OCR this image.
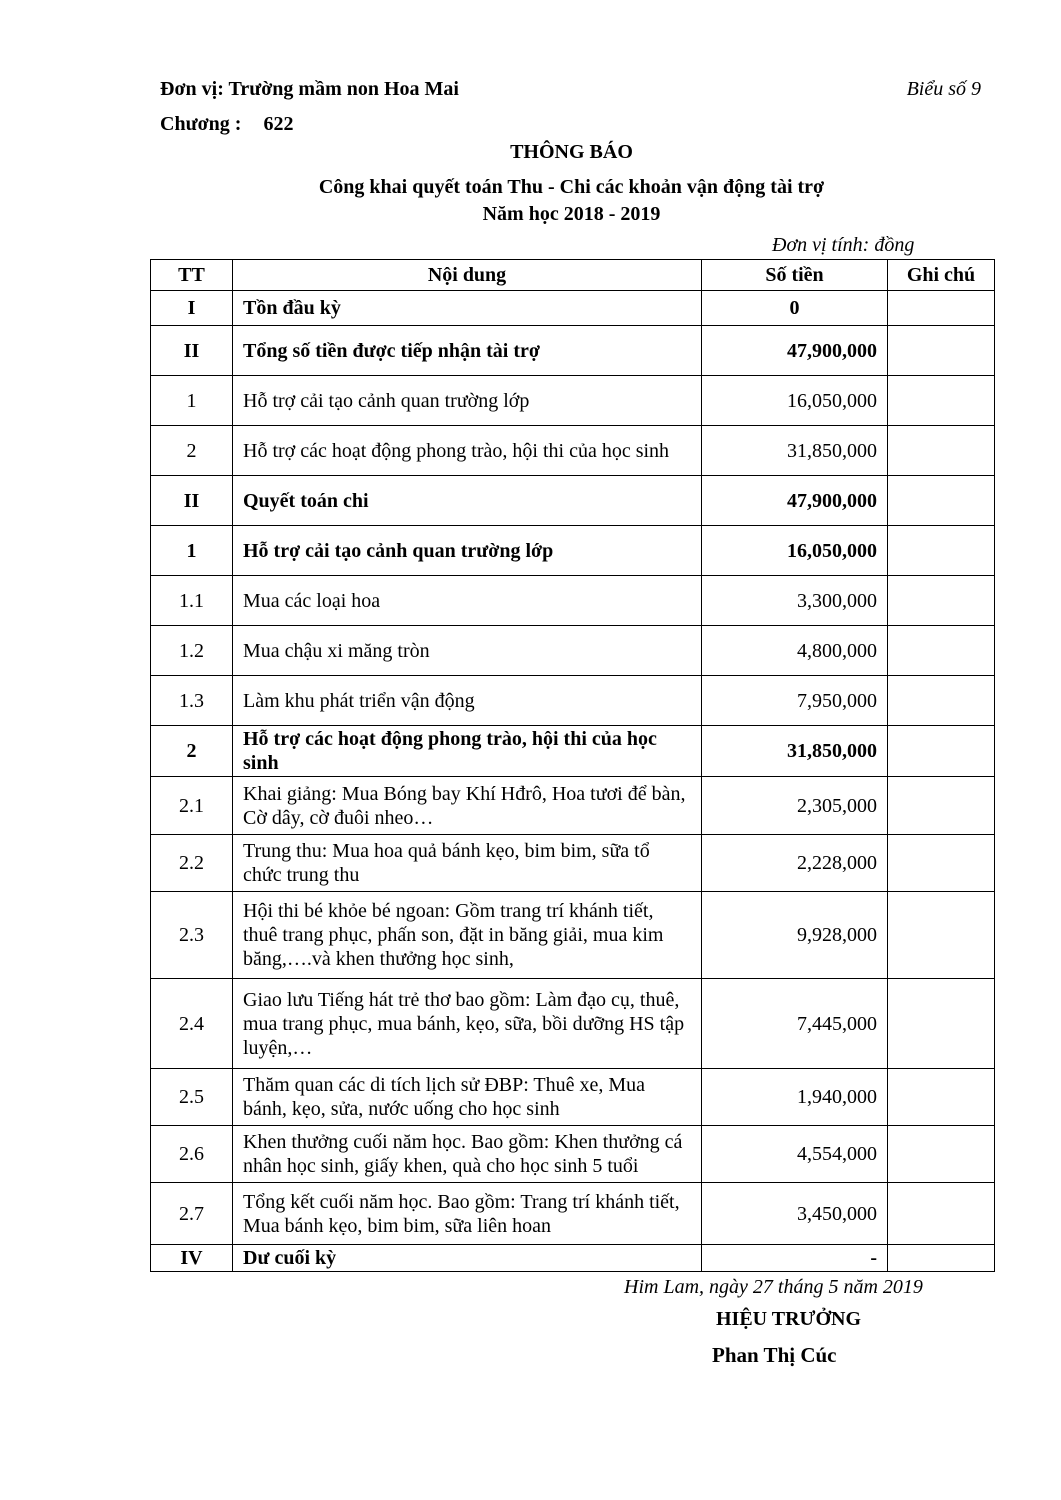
Đơn vị: Trường mầm non Hoa Mai
Chương : 622
Biểu số 9
THÔNG BÁO
Công khai quyết toán Thu - Chi các khoản vận động tài trợ
Năm học 2018 - 2019
Đơn vị tính: đồng
TT	Nội dung	Số tiền	Ghi chú
I	Tồn đầu kỳ	0	
II	Tổng số tiền được tiếp nhận tài trợ	47,900,000	
1	Hỗ trợ cải tạo cảnh quan trường lớp	16,050,000	
2	Hỗ trợ các hoạt động phong trào, hội thi của học sinh	31,850,000	
II	Quyết toán chi	47,900,000	
1	Hỗ trợ cải tạo cảnh quan trường lớp	16,050,000	
1.1	Mua các loại hoa	3,300,000	
1.2	Mua chậu xi măng tròn	4,800,000	
1.3	Làm khu phát triển vận động	7,950,000	
2	Hỗ trợ các hoạt động phong trào, hội thi của học sinh	31,850,000	
2.1	Khai giảng: Mua Bóng bay Khí Hđrô, Hoa tươi để bàn, Cờ dây, cờ đuôi nheo…	2,305,000	
2.2	Trung thu: Mua hoa quả bánh kẹo, bim bim, sữa tổ chức trung thu	2,228,000	
2.3	Hội thi bé khỏe bé ngoan: Gồm trang trí khánh tiết, thuê trang phục, phấn son, đặt in băng giải, mua kim băng,….và khen thưởng học sinh,	9,928,000	
2.4	Giao lưu Tiếng hát trẻ thơ bao gồm: Làm đạo cụ, thuê, mua trang phục, mua bánh, kẹo, sữa, bồi dưỡng HS tập luyện,…	7,445,000	
2.5	Thăm quan các di tích lịch sử ĐBP: Thuê xe, Mua bánh, kẹo, sửa, nước uống cho học sinh	1,940,000	
2.6	Khen thưởng cuối năm học. Bao gồm: Khen thưởng cá nhân học sinh, giấy khen, quà cho học sinh 5 tuổi	4,554,000	
2.7	Tổng kết cuối năm học. Bao gồm: Trang trí khánh tiết, Mua bánh kẹo, bim bim, sữa liên hoan	3,450,000	
IV	Dư cuối kỳ	-	
Him Lam, ngày 27 tháng 5 năm 2019
HIỆU TRƯỞNG
Phan Thị Cúc
